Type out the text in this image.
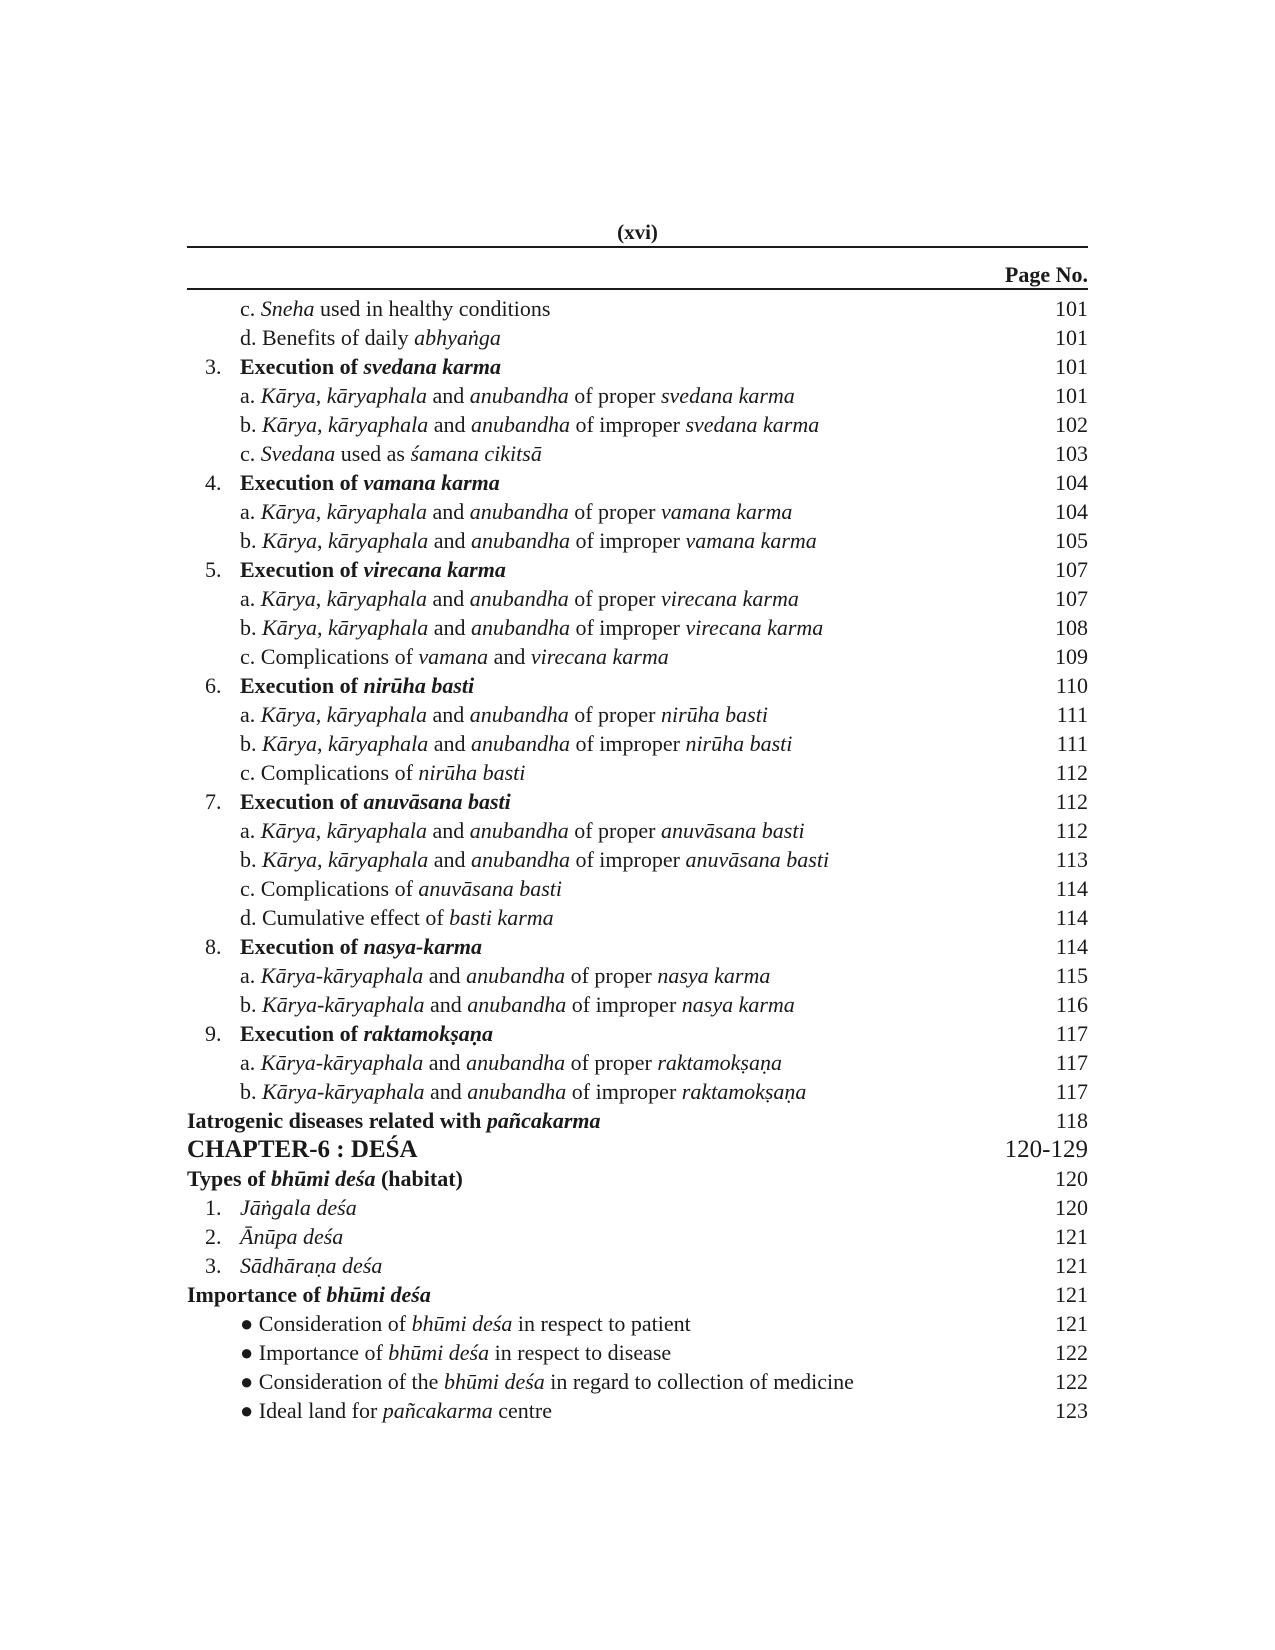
(xvi)
Page No.
c. Sneha used in healthy conditions	101
d. Benefits of daily abhyaṅga	101
3. Execution of svedana karma	101
a. Kārya, kāryaphala and anubandha of proper svedana karma	101
b. Kārya, kāryaphala and anubandha of improper svedana karma	102
c. Svedana used as śamana cikitsā	103
4. Execution of vamana karma	104
a. Kārya, kāryaphala and anubandha of proper vamana karma	104
b. Kārya, kāryaphala and anubandha of improper vamana karma	105
5. Execution of virecana karma	107
a. Kārya, kāryaphala and anubandha of proper virecana karma	107
b. Kārya, kāryaphala and anubandha of improper virecana karma	108
c. Complications of vamana and virecana karma	109
6. Execution of nirūha basti	110
a. Kārya, kāryaphala and anubandha of proper nirūha basti	111
b. Kārya, kāryaphala and anubandha of improper nirūha basti	111
c. Complications of nirūha basti	112
7. Execution of anuvāsana basti	112
a. Kārya, kāryaphala and anubandha of proper anuvāsana basti	112
b. Kārya, kāryaphala and anubandha of improper anuvāsana basti	113
c. Complications of anuvāsana basti	114
d. Cumulative effect of basti karma	114
8. Execution of nasya-karma	114
a. Kārya-kāryaphala and anubandha of proper nasya karma	115
b. Kārya-kāryaphala and anubandha of improper nasya karma	116
9. Execution of raktamokṣaṇa	117
a. Kārya-kāryaphala and anubandha of proper raktamokṣaṇa	117
b. Kārya-kāryaphala and anubandha of improper raktamokṣaṇa	117
Iatrogenic diseases related with pañcakarma	118
CHAPTER-6 : DEŚA	120-129
Types of bhūmi deśa (habitat)	120
1. Jāṅgala deśa	120
2. Ānūpa deśa	121
3. Sādhāraṇa deśa	121
Importance of bhūmi deśa	121
● Consideration of bhūmi deśa in respect to patient	121
● Importance of bhūmi deśa in respect to disease	122
● Consideration of the bhūmi deśa in regard to collection of medicine	122
● Ideal land for pañcakarma centre	123
